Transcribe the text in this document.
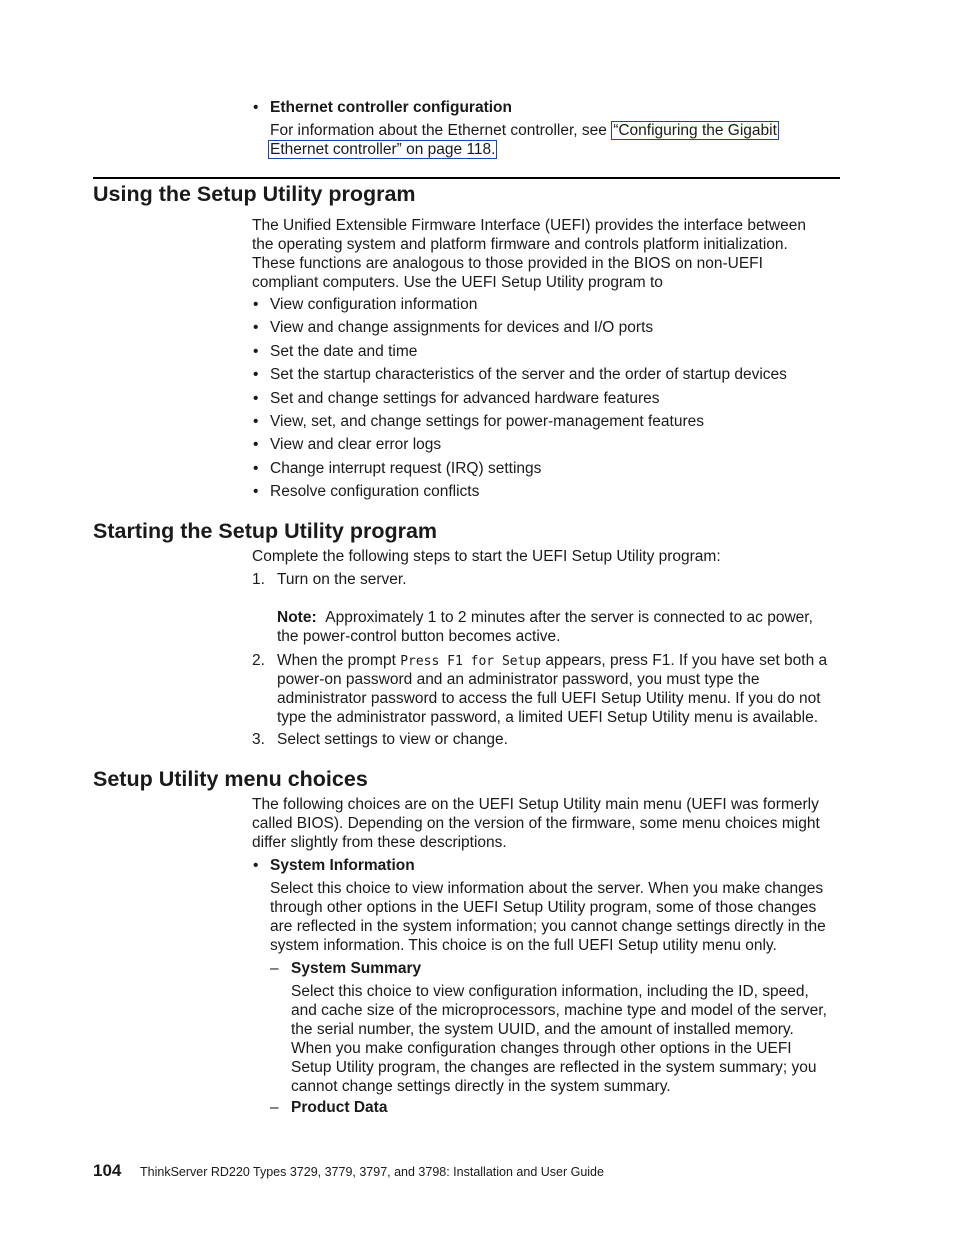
• Ethernet controller configuration
For information about the Ethernet controller, see “Configuring the Gigabit
Ethernet controller” on page 118.
Using the Setup Utility program
The Unified Extensible Firmware Interface (UEFI) provides the interface between
the operating system and platform firmware and controls platform initialization.
These functions are analogous to those provided in the BIOS on non-UEFI
compliant computers. Use the UEFI Setup Utility program to
• View configuration information
• View and change assignments for devices and I/O ports
• Set the date and time
• Set the startup characteristics of the server and the order of startup devices
• Set and change settings for advanced hardware features
• View, set, and change settings for power-management features
• View and clear error logs
• Change interrupt request (IRQ) settings
• Resolve configuration conflicts
Starting the Setup Utility program
Complete the following steps to start the UEFI Setup Utility program:
1. Turn on the server.
Note: Approximately 1 to 2 minutes after the server is connected to ac power,
the power-control button becomes active.
2. When the prompt Press F1 for Setup appears, press F1. If you have set both a
power-on password and an administrator password, you must type the
administrator password to access the full UEFI Setup Utility menu. If you do not
type the administrator password, a limited UEFI Setup Utility menu is available.
3. Select settings to view or change.
Setup Utility menu choices
The following choices are on the UEFI Setup Utility main menu (UEFI was formerly
called BIOS). Depending on the version of the firmware, some menu choices might
differ slightly from these descriptions.
• System Information
Select this choice to view information about the server. When you make changes
through other options in the UEFI Setup Utility program, some of those changes
are reflected in the system information; you cannot change settings directly in the
system information. This choice is on the full UEFI Setup utility menu only.
– System Summary
Select this choice to view configuration information, including the ID, speed,
and cache size of the microprocessors, machine type and model of the server,
the serial number, the system UUID, and the amount of installed memory.
When you make configuration changes through other options in the UEFI
Setup Utility program, the changes are reflected in the system summary; you
cannot change settings directly in the system summary.
– Product Data
104 ThinkServer RD220 Types 3729, 3779, 3797, and 3798: Installation and User Guide
